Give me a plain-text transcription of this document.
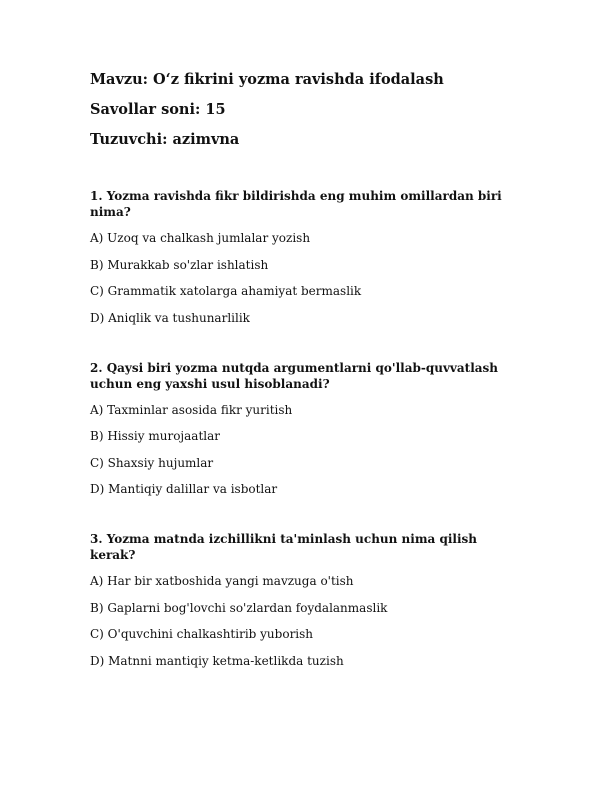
Mavzu: O‘z fikrini yozma ravishda ifodalash

Savollar soni: 15

Tuzuvchi: azimvna

1. Yozma ravishda fikr bildirishda eng muhim omillardan biri nima?

A) Uzoq va chalkash jumlalar yozish

B) Murakkab so'zlar ishlatish

C) Grammatik xatolarga ahamiyat bermaslik

D) Aniqlik va tushunarlilik

2. Qaysi biri yozma nutqda argumentlarni qo'llab-quvvatlash uchun eng yaxshi usul hisoblanadi?

A) Taxminlar asosida fikr yuritish

B) Hissiy murojaatlar

C) Shaxsiy hujumlar

D) Mantiqiy dalillar va isbotlar

3. Yozma matnda izchillikni ta'minlash uchun nima qilish kerak?

A) Har bir xatboshida yangi mavzuga o'tish

B) Gaplarni bog'lovchi so'zlardan foydalanmaslik

C) O'quvchini chalkashtirib yuborish

D) Matnni mantiqiy ketma-ketlikda tuzish
